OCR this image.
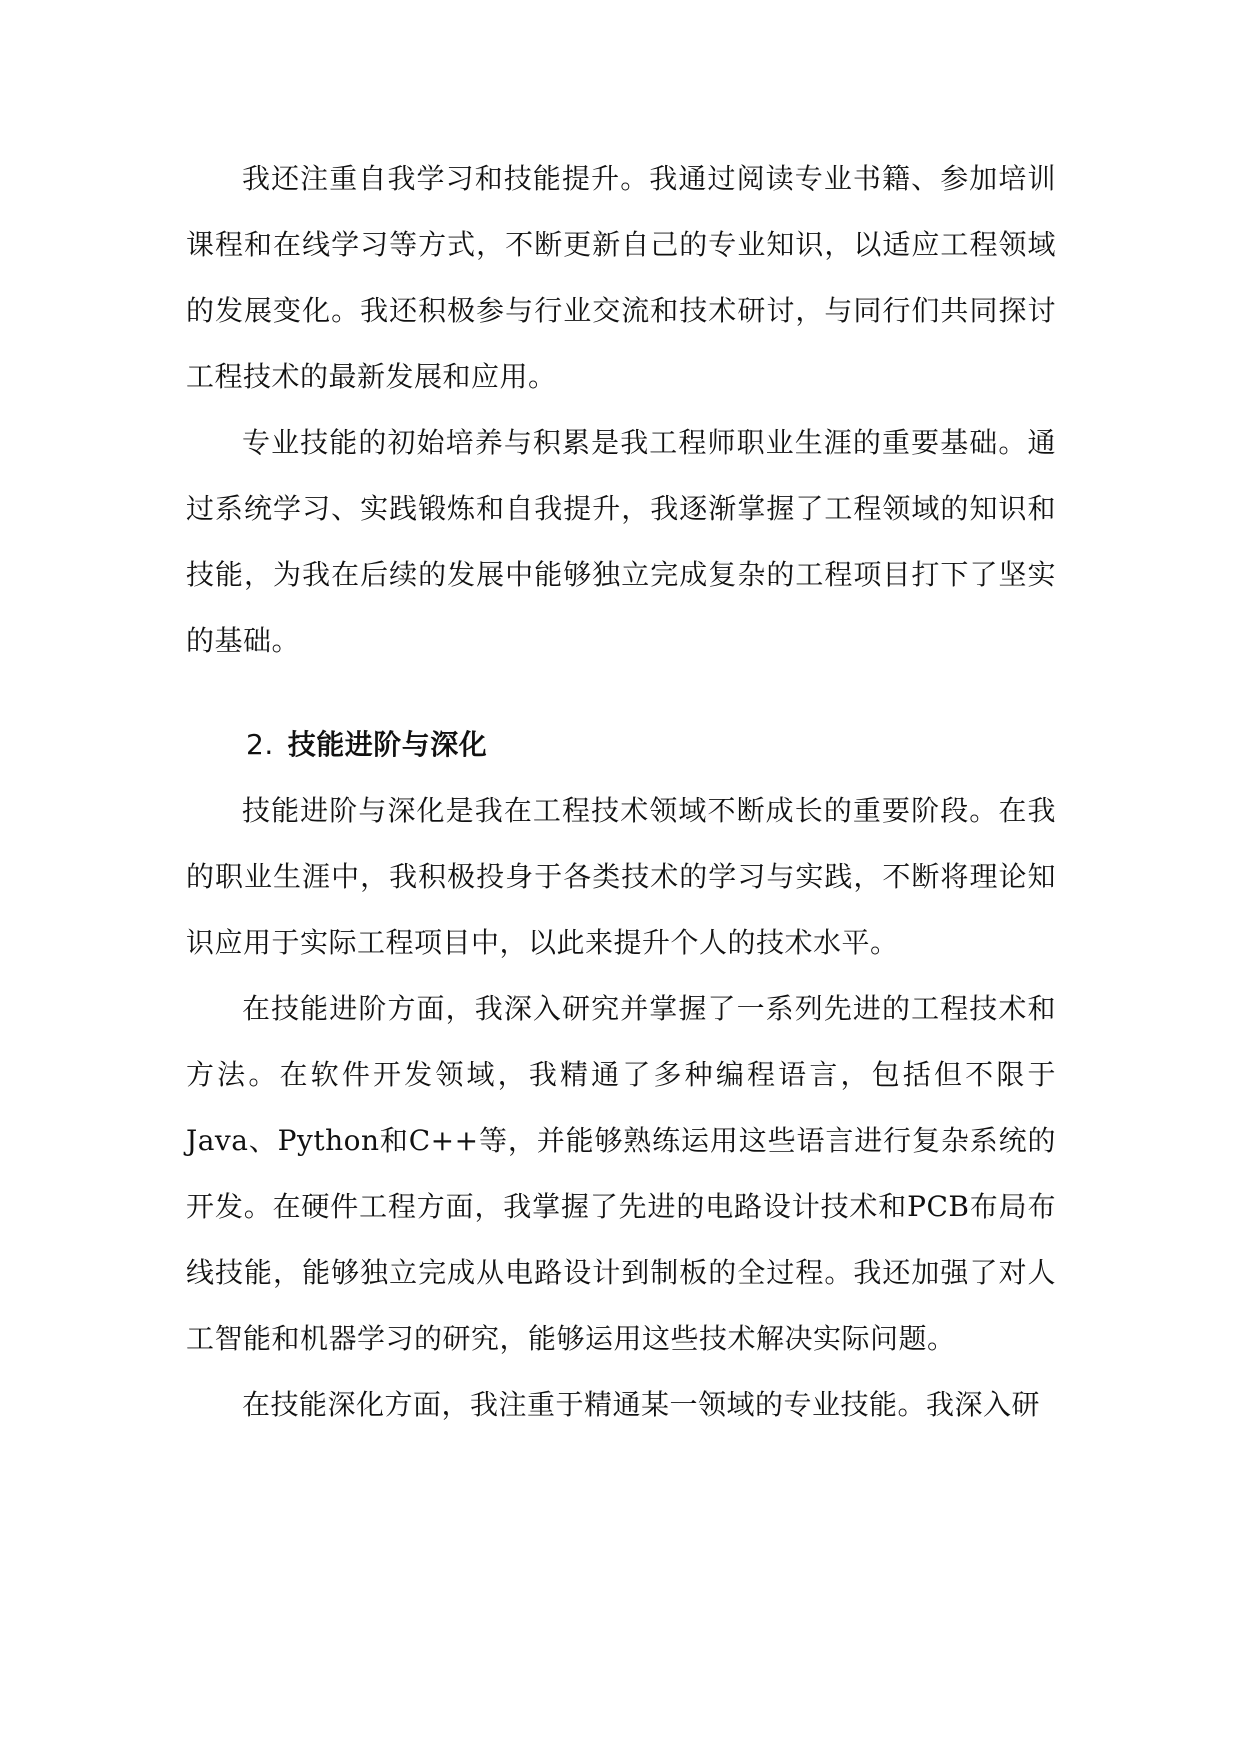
我还注重自我学习和技能提升。我通过阅读专业书籍、参加培训课程和在线学习等方式，不断更新自己的专业知识，以适应工程领域的发展变化。我还积极参与行业交流和技术研讨，与同行们共同探讨工程技术的最新发展和应用。

专业技能的初始培养与积累是我工程师职业生涯的重要基础。通过系统学习、实践锻炼和自我提升，我逐渐掌握了工程领域的知识和技能，为我在后续的发展中能够独立完成复杂的工程项目打下了坚实的基础。

2. 技能进阶与深化

技能进阶与深化是我在工程技术领域不断成长的重要阶段。在我的职业生涯中，我积极投身于各类技术的学习与实践，不断将理论知识应用于实际工程项目中，以此来提升个人的技术水平。

在技能进阶方面，我深入研究并掌握了一系列先进的工程技术和方法。在软件开发领域，我精通了多种编程语言，包括但不限于Java、Python和C++等，并能够熟练运用这些语言进行复杂系统的开发。在硬件工程方面，我掌握了先进的电路设计技术和PCB布局布线技能，能够独立完成从电路设计到制板的全过程。我还加强了对人工智能和机器学习的研究，能够运用这些技术解决实际问题。

在技能深化方面，我注重于精通某一领域的专业技能。我深入研
